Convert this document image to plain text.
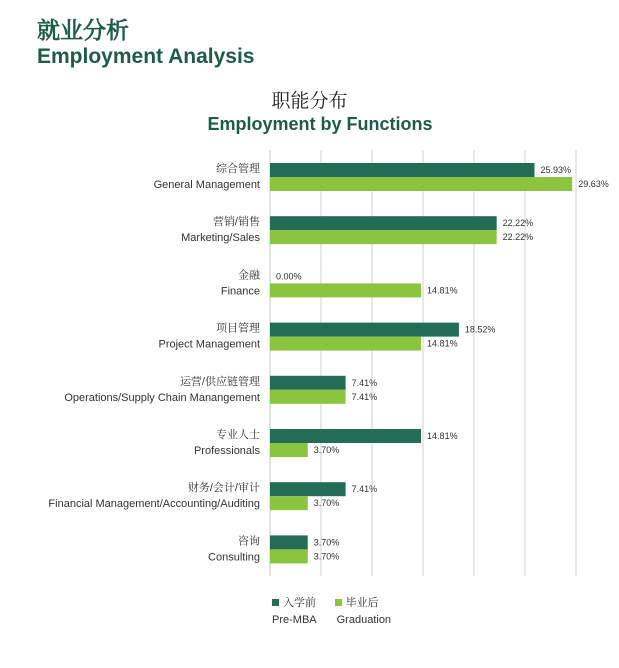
就业分析
Employment Analysis
职能分布
Employment by Functions
25.93%
29.63%
综合管理
General Management
22.22%
22.22%
营销/销售
Marketing/Sales
0.00%
14.81%
金融
Finance
18.52%
14.81%
项目管理
Project Management
7.41%
7.41%
运营/供应链管理
Operations/Supply Chain Manangement
14.81%
3.70%
专业人士
Professionals
7.41%
3.70%
财务/会计/审计
Financial Management/Accounting/Auditing
3.70%
3.70%
咨询
Consulting
入学前
Pre-MBA
毕业后
Graduation
